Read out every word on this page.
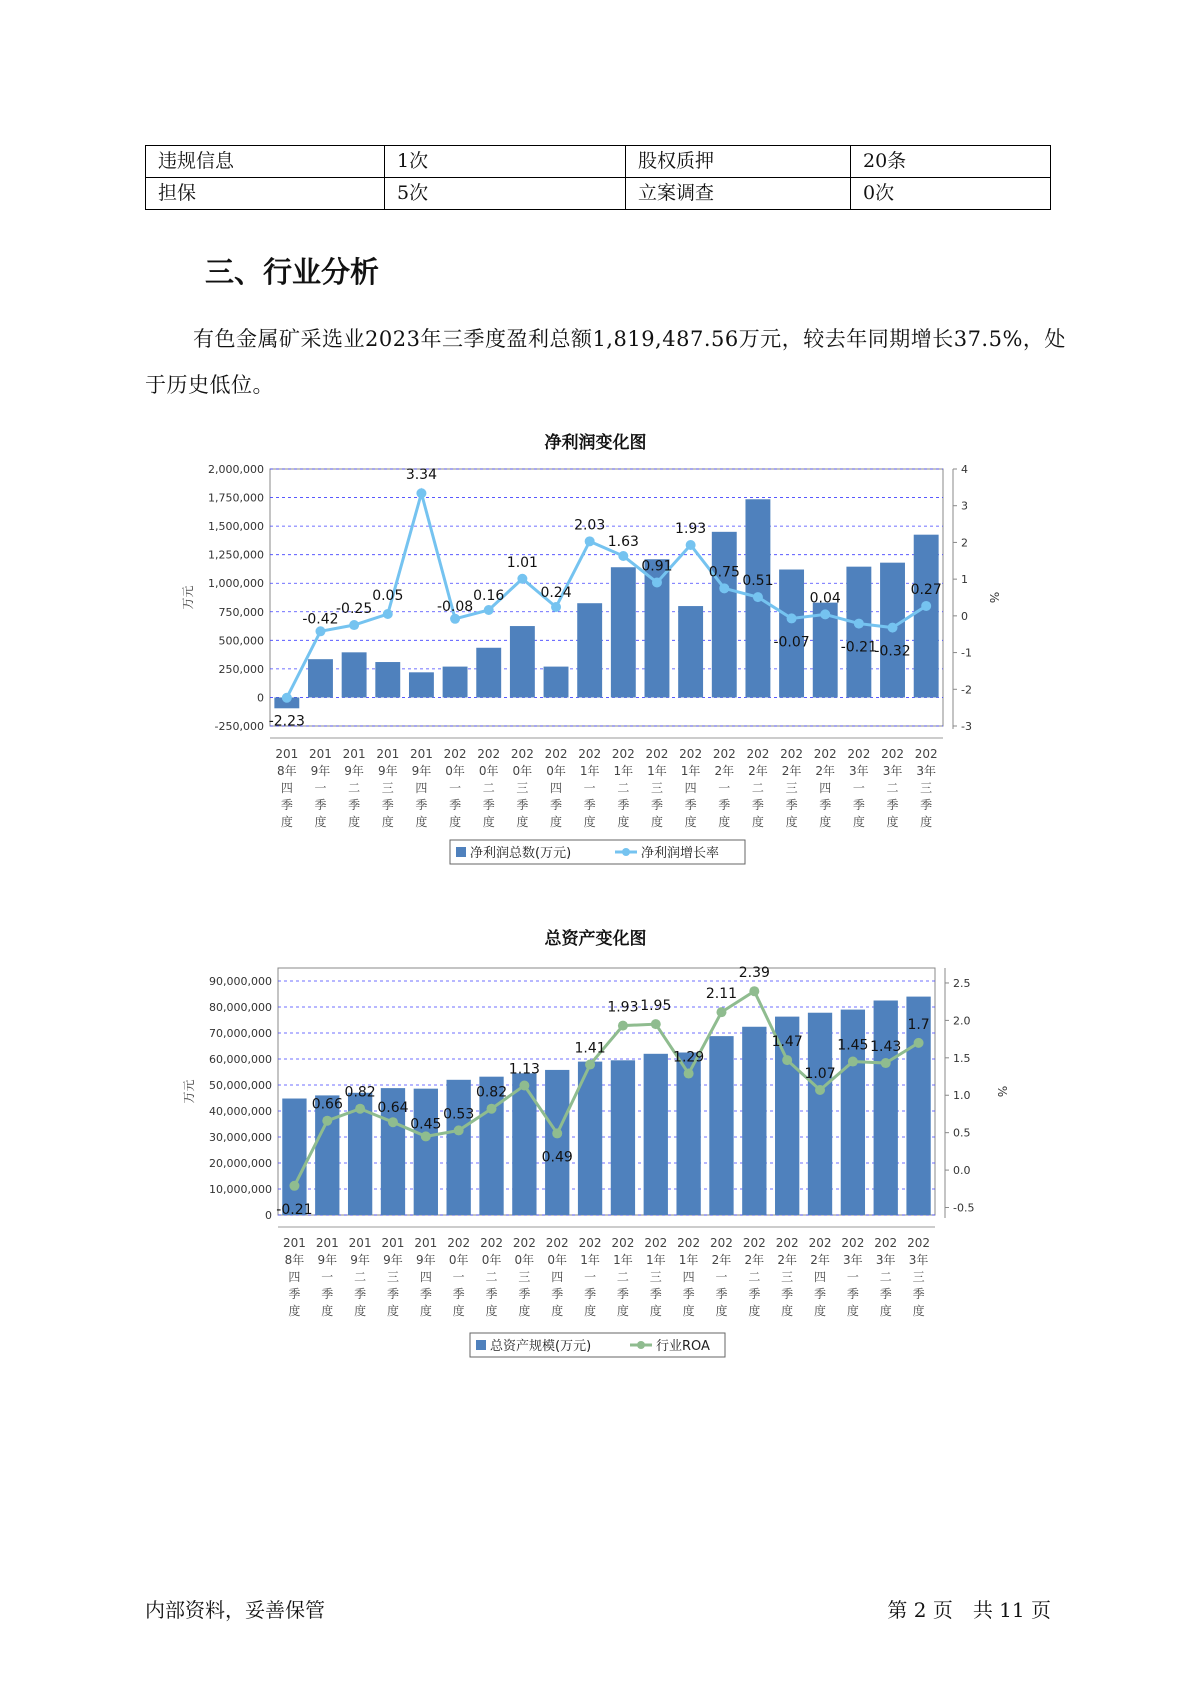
违规信息	1次	股权质押	20条
担保	5次	立案调查	0次
三、行业分析

有色金属矿采选业2023年三季度盈利总额1,819,487.56万元，较去年同期增长37.5%，处于历史低位。

净利润变化图
2,000,000
1,750,000
1,500,000
1,250,000
1,000,000
750,000
500,000
250,000
0
-250,000
4
3
2
1
0
-1
-2
-3
万元	%
201
8年
四
季
度
201
9年
一
季
度
201
9年
二
季
度
201
9年
三
季
度
201
9年
四
季
度
202
0年
一
季
度
202
0年
二
季
度
202
0年
三
季
度
202
0年
四
季
度
202
1年
一
季
度
202
1年
二
季
度
202
1年
三
季
度
202
1年
四
季
度
202
2年
一
季
度
202
2年
二
季
度
202
2年
三
季
度
202
2年
四
季
度
202
3年
一
季
度
202
3年
二
季
度
202
3年
三
季
度
-2.23
-0.42
-0.25
0.05
3.34
-0.08
0.16
1.01
0.24
2.03
1.63
0.91
1.93
0.75
0.51
-0.07
0.04
-0.21
-0.32
0.27
净利润总数(万元)	净利润增长率
总资产变化图
90,000,000
80,000,000
70,000,000
60,000,000
50,000,000
40,000,000
30,000,000
20,000,000
10,000,000
0
2.5
2.0
1.5
1.0
0.5
0.0
-0.5
万元	%
201
8年
四
季
度
201
9年
一
季
度
201
9年
二
季
度
201
9年
三
季
度
201
9年
四
季
度
202
0年
一
季
度
202
0年
二
季
度
202
0年
三
季
度
202
0年
四
季
度
202
1年
一
季
度
202
1年
二
季
度
202
1年
三
季
度
202
1年
四
季
度
202
2年
一
季
度
202
2年
二
季
度
202
2年
三
季
度
202
2年
四
季
度
202
3年
一
季
度
202
3年
二
季
度
202
3年
三
季
度
-0.21
0.66
0.82
0.64
0.45
0.53
0.82
1.13
0.49
1.41
1.93 1.95
1.29
2.11
2.39
1.47
1.07
1.45 1.43
1.7
总资产规模(万元)	行业ROA
内部资料，妥善保管	第 2 页　共 11 页
